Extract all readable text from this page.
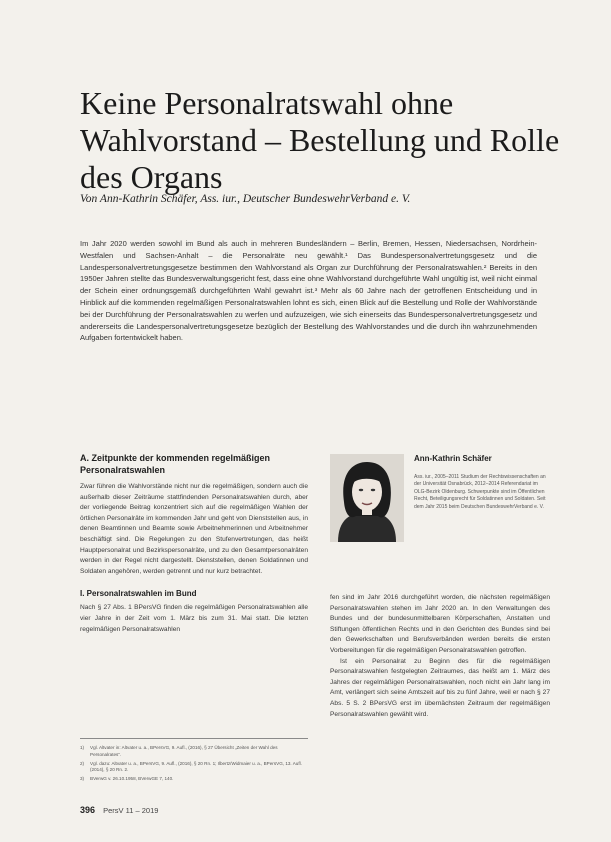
Keine Personalratswahl ohne Wahlvorstand – Bestellung und Rolle des Organs
Von Ann-Kathrin Schäfer, Ass. iur., Deutscher BundeswehrVerband e. V.

Im Jahr 2020 werden sowohl im Bund als auch in mehreren Bundesländern – Berlin, Bremen, Hessen, Niedersachsen, Nordrhein-Westfalen und Sachsen-Anhalt – die Personalräte neu gewählt.¹ Das Bundespersonalvertretungsgesetz und die Landespersonalvertretungsgesetze bestimmen den Wahlvorstand als Organ zur Durchführung der Personalratswahlen.² Bereits in den 1950er Jahren stellte das Bundesverwaltungsgericht fest, dass eine ohne Wahlvorstand durchgeführte Wahl ungültig ist, weil nicht einmal der Schein einer ordnungsgemäß durchgeführten Wahl gewahrt ist.³ Mehr als 60 Jahre nach der getroffenen Entscheidung und in Hinblick auf die kommenden regelmäßigen Personalratswahlen lohnt es sich, einen Blick auf die Bestellung und Rolle der Wahlvorstände bei der Durchführung der Personalratswahlen zu werfen und aufzuzeigen, wie sich einerseits das Bundespersonalvertretungsgesetz und andererseits die Landespersonalvertretungsgesetze bezüglich der Bestellung des Wahlvorstandes und die durch ihn wahrzunehmenden Aufgaben fortentwickelt haben.

A. Zeitpunkte der kommenden regelmäßigen Personalratswahlen

Zwar führen die Wahlvorstände nicht nur die regelmäßigen, sondern auch die außerhalb dieser Zeiträume stattfindenden Personalratswahlen durch, aber der vorliegende Beitrag konzentriert sich auf die regelmäßigen Wahlen der örtlichen Personalräte im kommenden Jahr und geht von Dienststellen aus, in denen Beamtinnen und Beamte sowie Arbeitnehmerinnen und Arbeitnehmer beschäftigt sind. Die Regelungen zu den Stufenvertretungen, das heißt Hauptpersonalrat und Bezirkspersonalräte, und zu den Gesamtpersonalräten werden in der Regel nicht dargestellt. Dienststellen, denen Soldatinnen und Soldaten angehören, werden getrennt und nur kurz betrachtet.

I. Personalratswahlen im Bund

Nach § 27 Abs. 1 BPersVG finden die regelmäßigen Personalratswahlen alle vier Jahre in der Zeit vom 1. März bis zum 31. Mai statt. Die letzten regelmäßigen Personalratswahlen

1)	Vgl. Altvater in: Altvater u. a., BPersVG, 9. Aufl., (2016), § 27 Übersicht „Zeiten der Wahl des Personalrates“.
2)	Vgl. dazu: Altvater u. a., BPersVG, 9. Aufl., (2016), § 20 Rn. 1; Ilbertz/Widmaier u. a., BPersVG, 13. Aufl. (2014), § 20 Rn. 2.
3)	BVerwG v. 26.10.1958, BVerwGE 7, 140.
Ann-Kathrin Schäfer

Ass. iur., 2005–2011 Studium der Rechtswissenschaften an der Universität Osnabrück, 2012–2014 Referendariat im OLG-Bezirk Oldenburg. Schwerpunkte sind im Öffentlichen Recht, Beteiligungsrecht für Soldatinnen und Soldaten. Seit dem Jahr 2015 beim Deutschen BundeswehrVerband e. V.

fen sind im Jahr 2016 durchgeführt worden, die nächsten regelmäßigen Personalratswahlen stehen im Jahr 2020 an. In den Verwaltungen des Bundes und der bundesunmittelbaren Körperschaften, Anstalten und Stiftungen öffentlichen Rechts und in den Gerichten des Bundes sind bei den Gewerkschaften und Berufsverbänden werden bereits die ersten Vorbereitungen für die regelmäßigen Personalratswahlen getroffen.

Ist ein Personalrat zu Beginn des für die regelmäßigen Personalratswahlen festgelegten Zeitraumes, das heißt am 1. März des Jahres der regelmäßigen Personalratswahlen, noch nicht ein Jahr lang im Amt, verlängert sich seine Amtszeit auf bis zu fünf Jahre, weil er nach § 27 Abs. 5 S. 2 BPersVG erst im übernächsten Zeitraum der regelmäßigen Personalratswahlen gewählt wird.

396 PersV 11 – 2019
